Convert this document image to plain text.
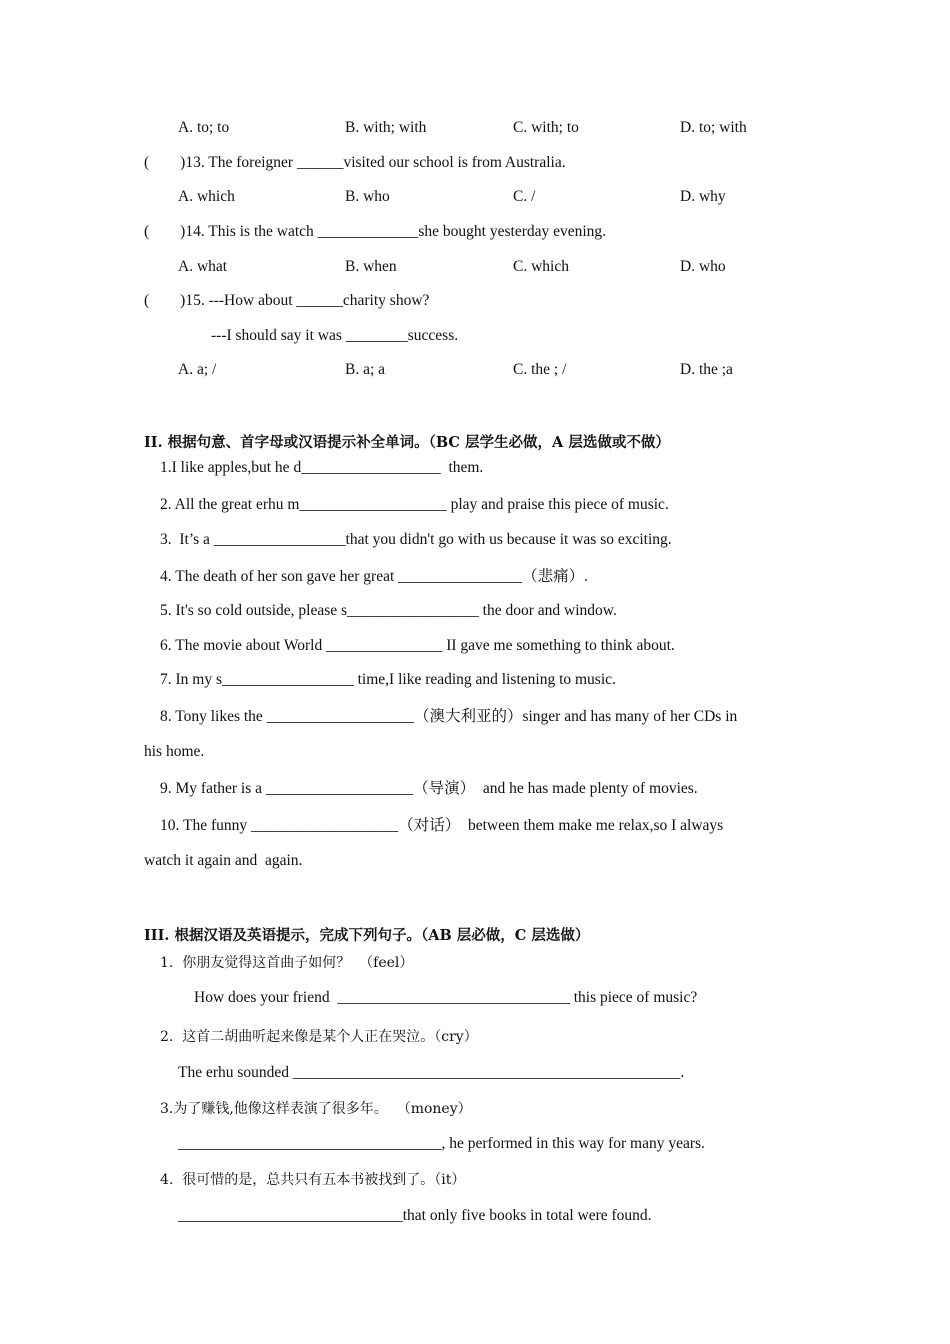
A. to; to	B. with; with	C. with; to	D. to; with
(        )13. The foreigner ______visited our school is from Australia.
A. which	B. who	C. /	D. why
(        )14. This is the watch _____________she bought yesterday evening.
A. what	B. when	C. which	D. who
(        )15. ---How about ______charity show?
---I should say it was ________success.
A. a; /	B. a; a	C. the ; /	D. the ;a
II. 根据句意、首字母或汉语提示补全单词。（BC 层学生必做，A 层选做或不做）
1.I like apples,but he d__________________  them.
2. All the great erhu m___________________ play and praise this piece of music.
3.  It’s a _________________that you didn't go with us because it was so exciting.
4. The death of her son gave her great ________________（悲痛）.
5. It's so cold outside, please s_________________ the door and window.
6. The movie about World _______________ II gave me something to think about.
7. In my s_________________ time,I like reading and listening to music.
8. Tony likes the ___________________（澳大利亚的）singer and has many of her CDs in
his home.
9. My father is a ___________________（导演）  and he has made plenty of movies.
10. The funny ___________________（对话）  between them make me relax,so I always
watch it again and  again.
III. 根据汉语及英语提示，完成下列句子。（AB 层必做，C 层选做）
1.  你朋友觉得这首曲子如何？  （feel）
How does your friend  ______________________________ this piece of music?
2.  这首二胡曲听起来像是某个人正在哭泣。（cry）
The erhu sounded __________________________________________________.
3.为了赚钱,他像这样表演了很多年。  （money）
__________________________________, he performed in this way for many years.
4.  很可惜的是，总共只有五本书被找到了。（it）
_____________________________that only five books in total were found.
